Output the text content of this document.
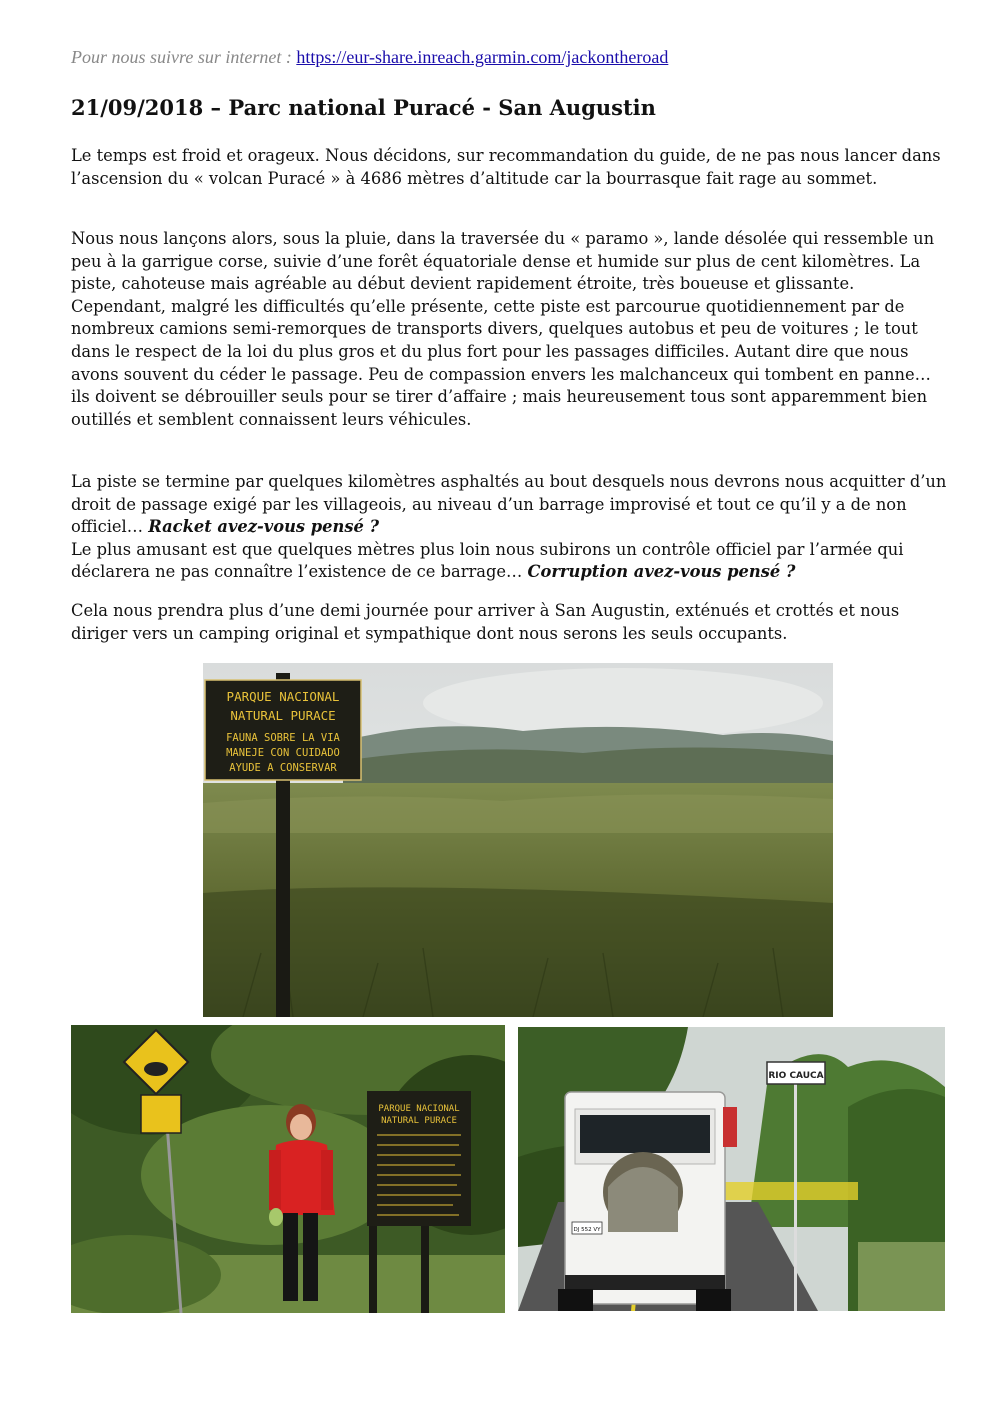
Pour nous suivre sur internet : https://eur-share.inreach.garmin.com/jackontheroad
21/09/2018 – Parc national Puracé - San Augustin

Le temps est froid et orageux. Nous décidons, sur recommandation du guide, de ne pas nous lancer dans l’ascension du « volcan Puracé » à 4686 mètres d’altitude car la bourrasque fait rage au sommet.

Nous nous lançons alors, sous la pluie, dans la traversée du « paramo », lande désolée qui ressemble un peu à la garrigue corse, suivie d’une forêt équatoriale dense et humide sur plus de cent kilomètres. La piste, cahoteuse mais agréable au début devient rapidement étroite, très boueuse et glissante. Cependant, malgré les difficultés qu’elle présente, cette piste est parcourue quotidiennement par de nombreux camions semi-remorques de transports divers, quelques autobus et peu de voitures ; le tout dans le respect de la loi du plus gros et du plus fort pour les passages difficiles. Autant dire que nous avons souvent du céder le passage. Peu de compassion envers les malchanceux qui tombent en panne… ils doivent se débrouiller seuls pour se tirer d’affaire ; mais heureusement tous sont apparemment bien outillés et semblent connaissent leurs véhicules.

La piste se termine par quelques kilomètres asphaltés au bout desquels nous devrons nous acquitter d’un droit de passage exigé par les villageois, au niveau d’un barrage improvisé et tout ce qu’il y a de non officiel… Racket avez-vous pensé ?
Le plus amusant est que quelques mètres plus loin nous subirons un contrôle officiel par l’armée qui déclarera ne pas connaître l’existence de ce barrage… Corruption avez-vous pensé ?

Cela nous prendra plus d’une demi journée pour arriver à San Augustin, exténués et crottés et nous diriger vers un camping original et sympathique dont nous serons les seuls occupants.

PARQUE NACIONAL
NATURAL PURACE
FAUNA SOBRE LA VIA
MANEJE CON CUIDADO
AYUDE A CONSERVAR
PARQUE NACIONAL
NATURAL PURACE
RIO CAUCA
DJ 552 VY
